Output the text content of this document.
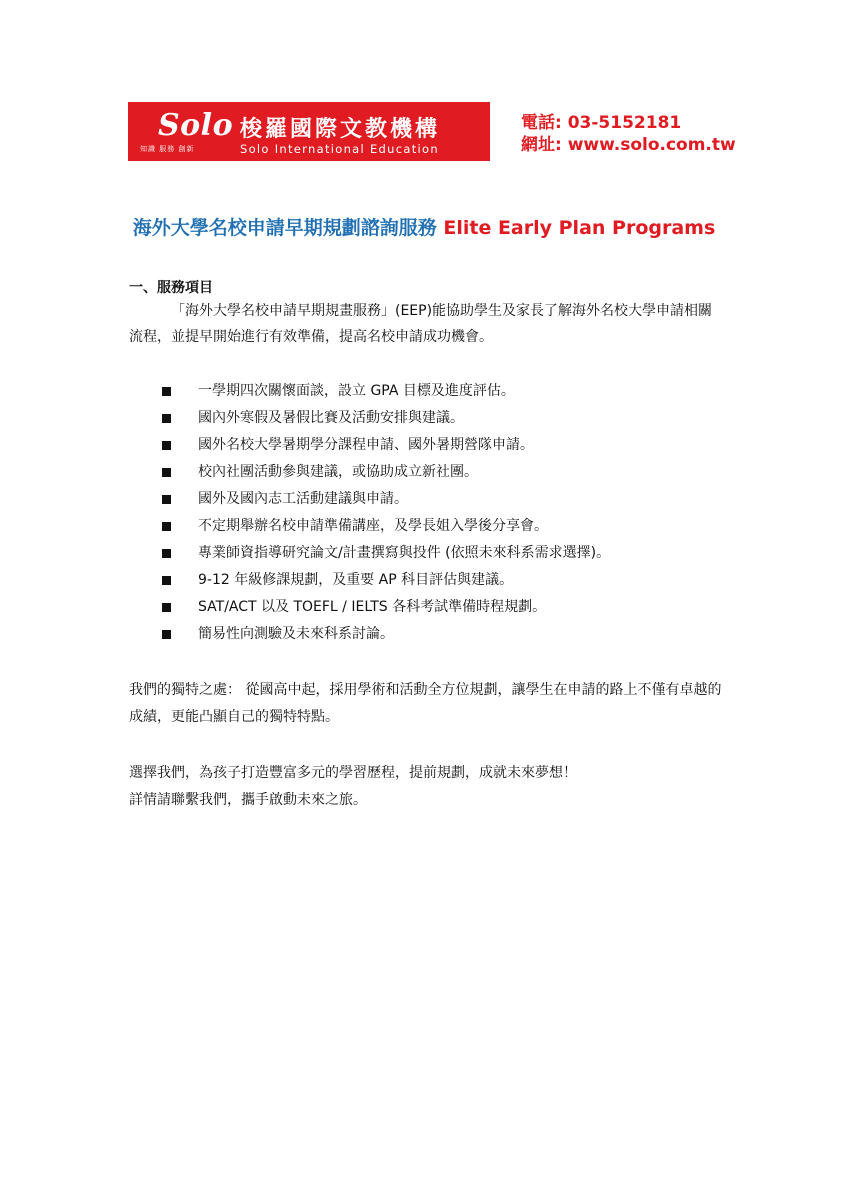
Solo
知識 服務 創新
梭羅國際文教機構
Solo International Education
電話: 03-5152181
網址: www.solo.com.tw
海外大學名校申請早期規劃諮詢服務 Elite Early Plan Programs
一、服務項目
「海外大學名校申請早期規畫服務」(EEP)能協助學生及家長了解海外名校大學申請相關流程，並提早開始進行有效準備，提高名校申請成功機會。
一學期四次關懷面談，設立 GPA 目標及進度評估。
國內外寒假及暑假比賽及活動安排與建議。
國外名校大學暑期學分課程申請、國外暑期營隊申請。
校內社團活動參與建議，或協助成立新社團。
國外及國內志工活動建議與申請。
不定期舉辦名校申請準備講座，及學長姐入學後分享會。
專業師資指導研究論文/計畫撰寫與投件 (依照未來科系需求選擇)。
9-12 年級修課規劃，及重要 AP 科目評估與建議。
SAT/ACT 以及 TOEFL / IELTS 各科考試準備時程規劃。
簡易性向測驗及未來科系討論。
我們的獨特之處： 從國高中起，採用學術和活動全方位規劃，讓學生在申請的路上不僅有卓越的成績，更能凸顯自己的獨特特點。
選擇我們，為孩子打造豐富多元的學習歷程，提前規劃，成就未來夢想！
詳情請聯繫我們，攜手啟動未來之旅。
